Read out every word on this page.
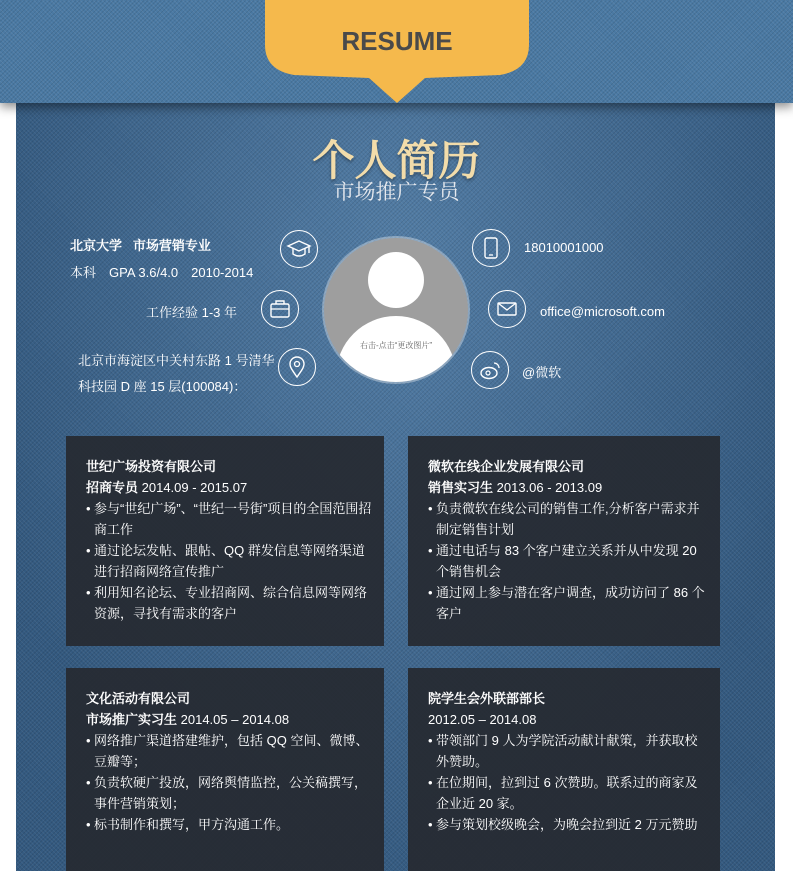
RESUME
个人简历
市场推广专员
北京大学 市场营销专业
本科　GPA 3.6/4.0　2010-2014
工作经验 1-3 年
北京市海淀区中关村东路 1 号清华
科技园 D 座 15 层(100084)：
右击-点击“更改图片”
18010001000
office@microsoft.com
@微软
世纪广场投资有限公司
招商专员 2014.09 - 2015.07
• 参与“世纪广场”、“世纪一号街”项目的全国范围招商工作
• 通过论坛发帖、跟帖、QQ 群发信息等网络渠道进行招商网络宣传推广
• 利用知名论坛、专业招商网、综合信息网等网络资源，寻找有需求的客户
微软在线企业发展有限公司
销售实习生 2013.06 - 2013.09
• 负责微软在线公司的销售工作,分析客户需求并制定销售计划
• 通过电话与 83 个客户建立关系并从中发现 20 个销售机会
• 通过网上参与潜在客户调查，成功访问了 86 个客户
文化活动有限公司
市场推广实习生 2014.05 – 2014.08
• 网络推广渠道搭建维护，包括 QQ 空间、微博、豆瓣等；
• 负责软硬广投放，网络舆情监控，公关稿撰写，事件营销策划；
• 标书制作和撰写，甲方沟通工作。
院学生会外联部部长
2012.05 – 2014.08
• 带领部门 9 人为学院活动献计献策，并获取校外赞助。
• 在位期间，拉到过 6 次赞助。联系过的商家及企业近 20 家。
• 参与策划校级晚会，为晚会拉到近 2 万元赞助
